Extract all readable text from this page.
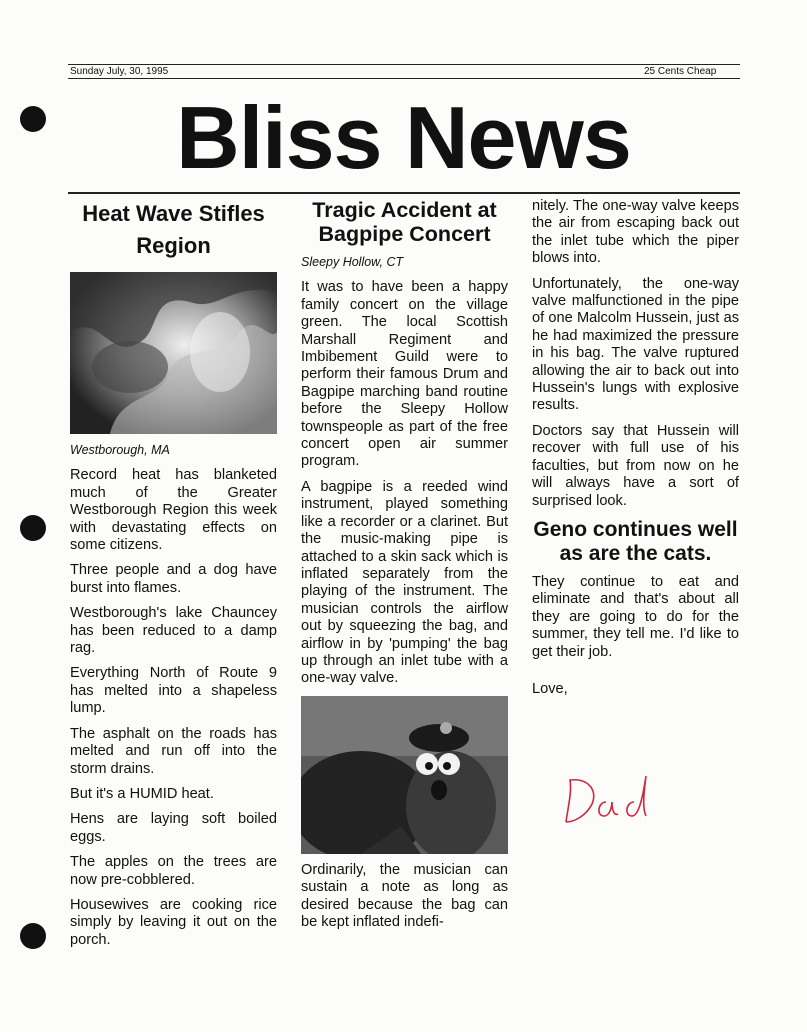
Sunday July, 30, 1995	25 Cents Cheap
Bliss News
Heat Wave Stifles Region
Westborough, MA

Record heat has blanketed much of the Greater Westborough Region this week with devastating effects on some citizens.

Three people and a dog have burst into flames.

Westborough's lake Chauncey has been reduced to a damp rag.

Everything North of Route 9 has melted into a shapeless lump.

The asphalt on the roads has melted and run off into the storm drains.

But it's a HUMID heat.

Hens are laying soft boiled eggs.

The apples on the trees are now pre-cobblered.

Housewives are cooking rice simply by leaving it out on the porch.

Tragic Accident at Bagpipe Concert
Sleepy Hollow, CT

It was to have been a happy family concert on the village green. The local Scottish Marshall Regiment and Imbibement Guild were to perform their famous Drum and Bagpipe marching band routine before the Sleepy Hollow townspeople as part of the free concert open air summer program.

A bagpipe is a reeded wind instrument, played something like a recorder or a clarinet. But the music-making pipe is attached to a skin sack which is inflated separately from the playing of the instrument. The musician controls the airflow out by squeezing the bag, and airflow in by 'pumping' the bag up through an inlet tube with a one-way valve.

Ordinarily, the musician can sustain a note as long as desired because the bag can be kept inflated indefi-

nitely. The one-way valve keeps the air from escaping back out the inlet tube which the piper blows into.

Unfortunately, the one-way valve malfunctioned in the pipe of one Malcolm Hussein, just as he had maximized the pressure in his bag. The valve ruptured allowing the air to back out into Hussein's lungs with explosive results.

Doctors say that Hussein will recover with full use of his faculties, but from now on he will always have a sort of surprised look.

Geno continues well as are the cats.

They continue to eat and eliminate and that's about all they are going to do for the summer, they tell me. I'd like to get their job.

Love,
